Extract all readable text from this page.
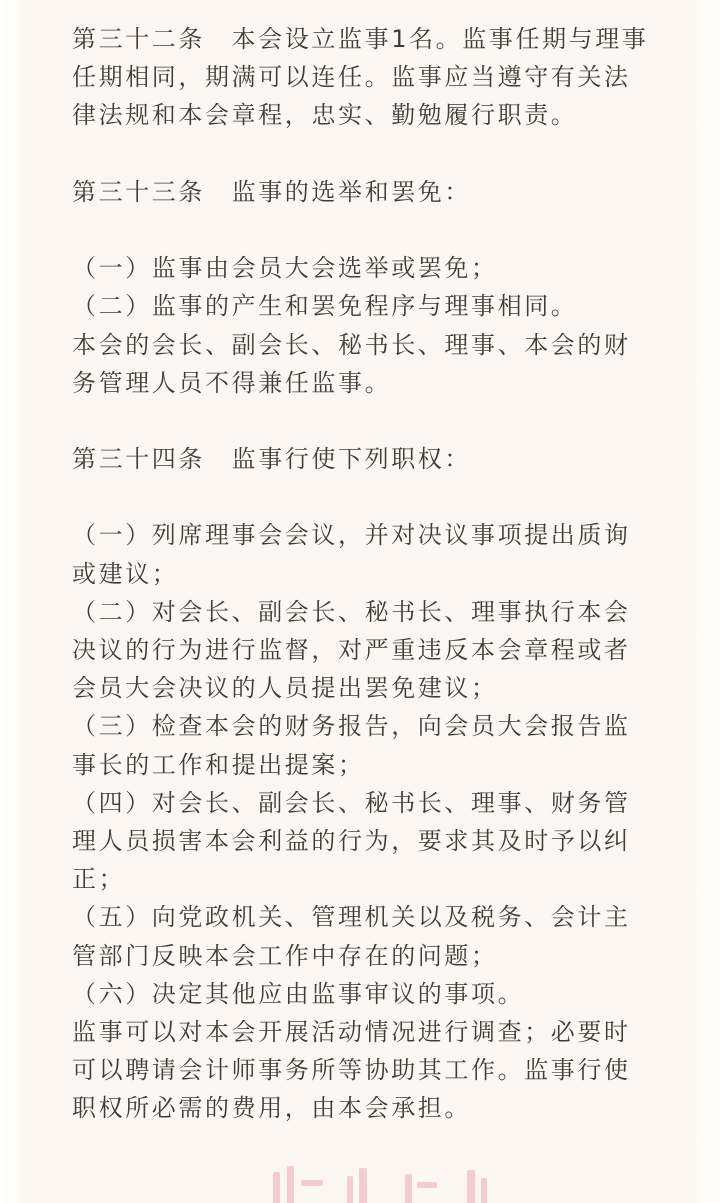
第三十二条　本会设立监事1名。监事任期与理事
任期相同，期满可以连任。监事应当遵守有关法
律法规和本会章程，忠实、勤勉履行职责。
第三十三条　监事的选举和罢免：
（一）监事由会员大会选举或罢免；
（二）监事的产生和罢免程序与理事相同。
本会的会长、副会长、秘书长、理事、本会的财
务管理人员不得兼任监事。
第三十四条　监事行使下列职权：
（一）列席理事会会议，并对决议事项提出质询
或建议；
（二）对会长、副会长、秘书长、理事执行本会
决议的行为进行监督，对严重违反本会章程或者
会员大会决议的人员提出罢免建议；
（三）检查本会的财务报告，向会员大会报告监
事长的工作和提出提案；
（四）对会长、副会长、秘书长、理事、财务管
理人员损害本会利益的行为，要求其及时予以纠
正；
（五）向党政机关、管理机关以及税务、会计主
管部门反映本会工作中存在的问题；
（六）决定其他应由监事审议的事项。
监事可以对本会开展活动情况进行调查；必要时
可以聘请会计师事务所等协助其工作。监事行使
职权所必需的费用，由本会承担。
